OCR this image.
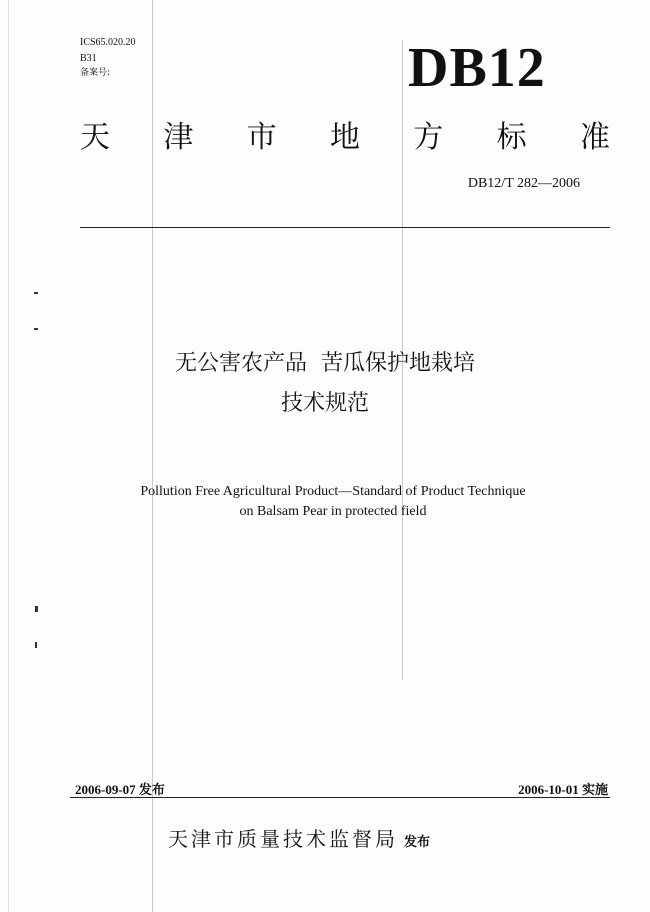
ICS65.020.20
B31
备案号:	DB12
天 津 市 地 方 标 准
DB12/T 282—2006
无公害农产品  苦瓜保护地栽培
技术规范
Pollution Free Agricultural Product—Standard of Product Technique
on Balsam Pear in protected field
2006-09-07 发布	2006-10-01 实施
天津市质量技术监督局 发布
